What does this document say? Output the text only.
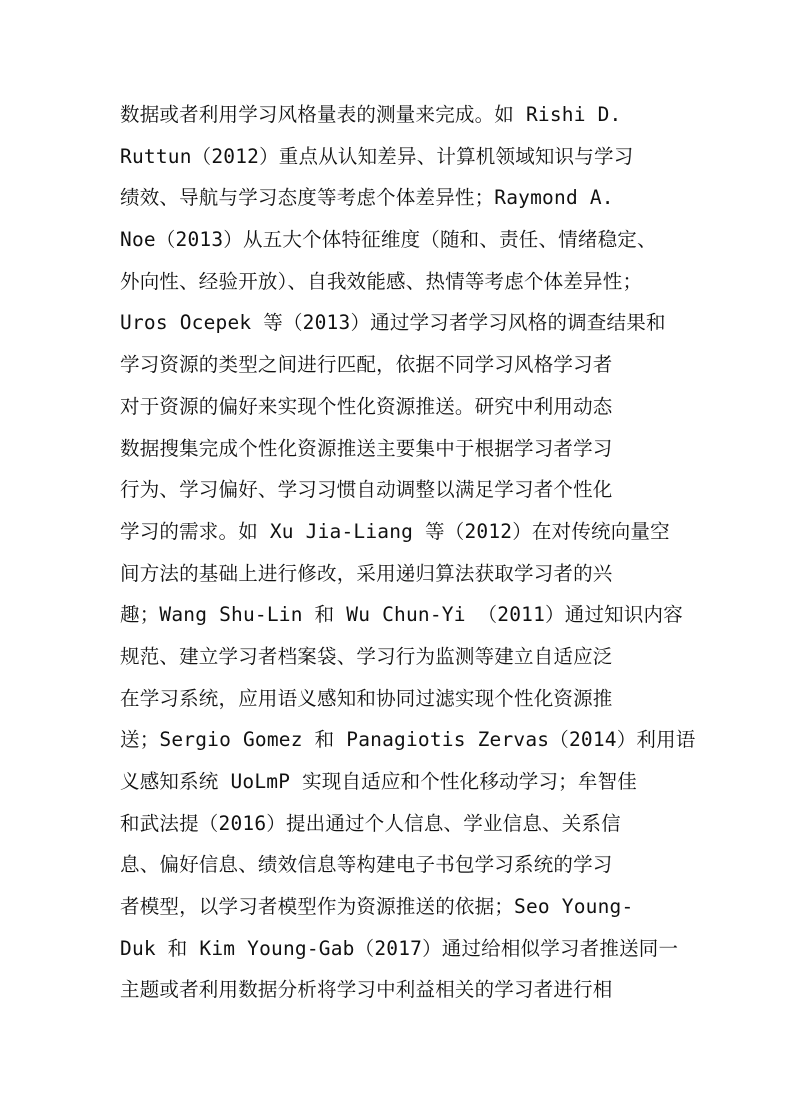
数据或者利用学习风格量表的测量来完成。如 Rishi D.
Ruttun（2012）重点从认知差异、计算机领域知识与学习
绩效、导航与学习态度等考虑个体差异性；Raymond A.
Noe（2013）从五大个体特征维度（随和、责任、情绪稳定、
外向性、经验开放）、自我效能感、热情等考虑个体差异性；
Uros Ocepek 等（2013）通过学习者学习风格的调查结果和
学习资源的类型之间进行匹配，依据不同学习风格学习者
对于资源的偏好来实现个性化资源推送。研究中利用动态
数据搜集完成个性化资源推送主要集中于根据学习者学习
行为、学习偏好、学习习惯自动调整以满足学习者个性化
学习的需求。如 Xu Jia-Liang 等（2012）在对传统向量空
间方法的基础上进行修改，采用递归算法获取学习者的兴
趣；Wang Shu-Lin 和 Wu Chun-Yi （2011）通过知识内容
规范、建立学习者档案袋、学习行为监测等建立自适应泛
在学习系统，应用语义感知和协同过滤实现个性化资源推
送；Sergio Gomez 和 Panagiotis Zervas（2014）利用语
义感知系统 UoLmP 实现自适应和个性化移动学习；牟智佳
和武法提（2016）提出通过个人信息、学业信息、关系信
息、偏好信息、绩效信息等构建电子书包学习系统的学习
者模型，以学习者模型作为资源推送的依据；Seo Young-
Duk 和 Kim Young-Gab（2017）通过给相似学习者推送同一
主题或者利用数据分析将学习中利益相关的学习者进行相
